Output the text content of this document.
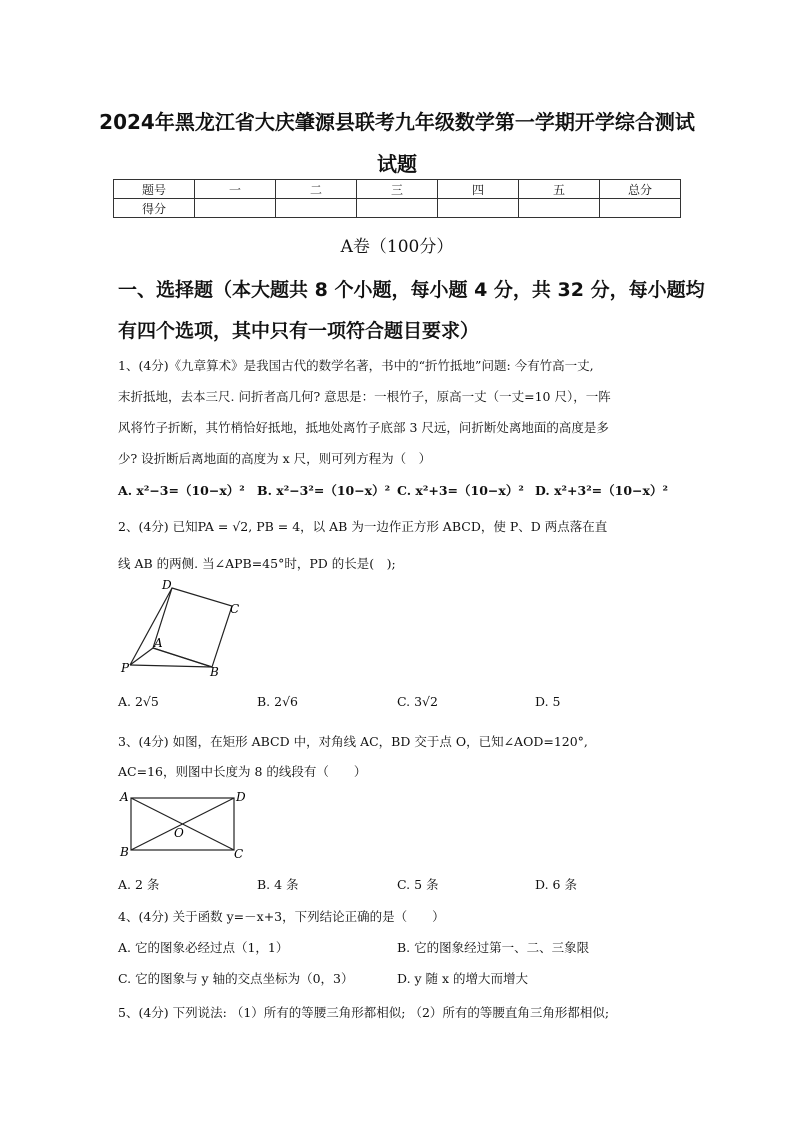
2024年黑龙江省大庆肇源县联考九年级数学第一学期开学综合测试
试题
题号	一	二	三	四	五	总分
得分						
A卷（100分）
一、选择题（本大题共 8 个小题，每小题 4 分，共 32 分，每小题均
有四个选项，其中只有一项符合题目要求）
1、(4分)《九章算术》是我国古代的数学名著，书中的“折竹抵地”问题: 今有竹高一丈,
末折抵地，去本三尺. 问折者高几何? 意思是：一根竹子，原高一丈（一丈=10 尺），一阵
风将竹子折断，其竹梢恰好抵地，抵地处离竹子底部 3 尺远，问折断处离地面的高度是多
少? 设折断后离地面的高度为 x 尺，则可列方程为（　）
A. x²−3=（10−x）² B. x²−3²=（10−x）² C. x²+3=（10−x）² D. x²+3²=（10−x）²
2、(4分) 已知PA = √2, PB = 4，以 AB 为一边作正方形 ABCD，使 P、D 两点落在直
线 AB 的两侧. 当∠APB=45°时，PD 的长是(　);
D
C
A
P	B
A. 2√5	B. 2√6	C. 3√2	D. 5
3、(4分) 如图，在矩形 ABCD 中，对角线 AC，BD 交于点 O，已知∠AOD=120°,
AC=16，则图中长度为 8 的线段有（　　）
A	D
O
B	C
A. 2 条	B. 4 条	C. 5 条	D. 6 条
4、(4分) 关于函数 y=－x+3，下列结论正确的是（　　）
A. 它的图象必经过点（1，1）	B. 它的图象经过第一、二、三象限
C. 它的图象与 y 轴的交点坐标为（0，3）	D. y 随 x 的增大而增大
5、(4分) 下列说法: （1）所有的等腰三角形都相似; （2）所有的等腰直角三角形都相似;
